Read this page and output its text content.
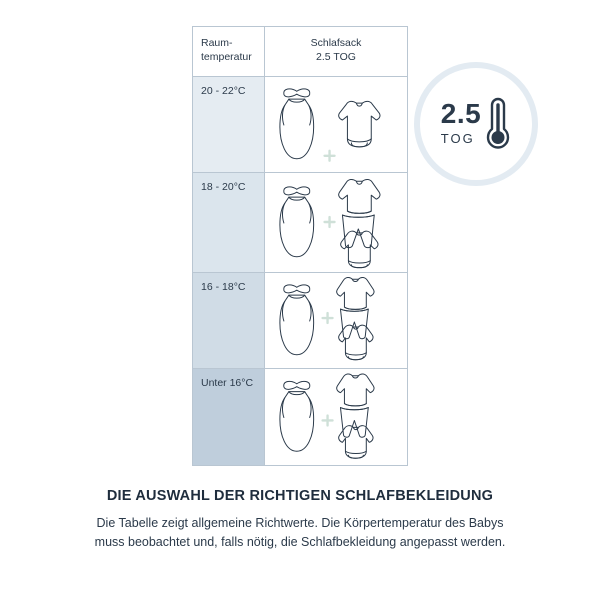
Raum-
temperatur
Schlafsack
2.5 TOG
20 - 22°C
18 - 20°C
16 - 18°C
Unter 16°C
2.5
TOG
DIE AUSWAHL DER RICHTIGEN SCHLAFBEKLEIDUNG

Die Tabelle zeigt allgemeine Richtwerte. Die Körpertemperatur des Babys

muss beobachtet und, falls nötig, die Schlafbekleidung angepasst werden.
